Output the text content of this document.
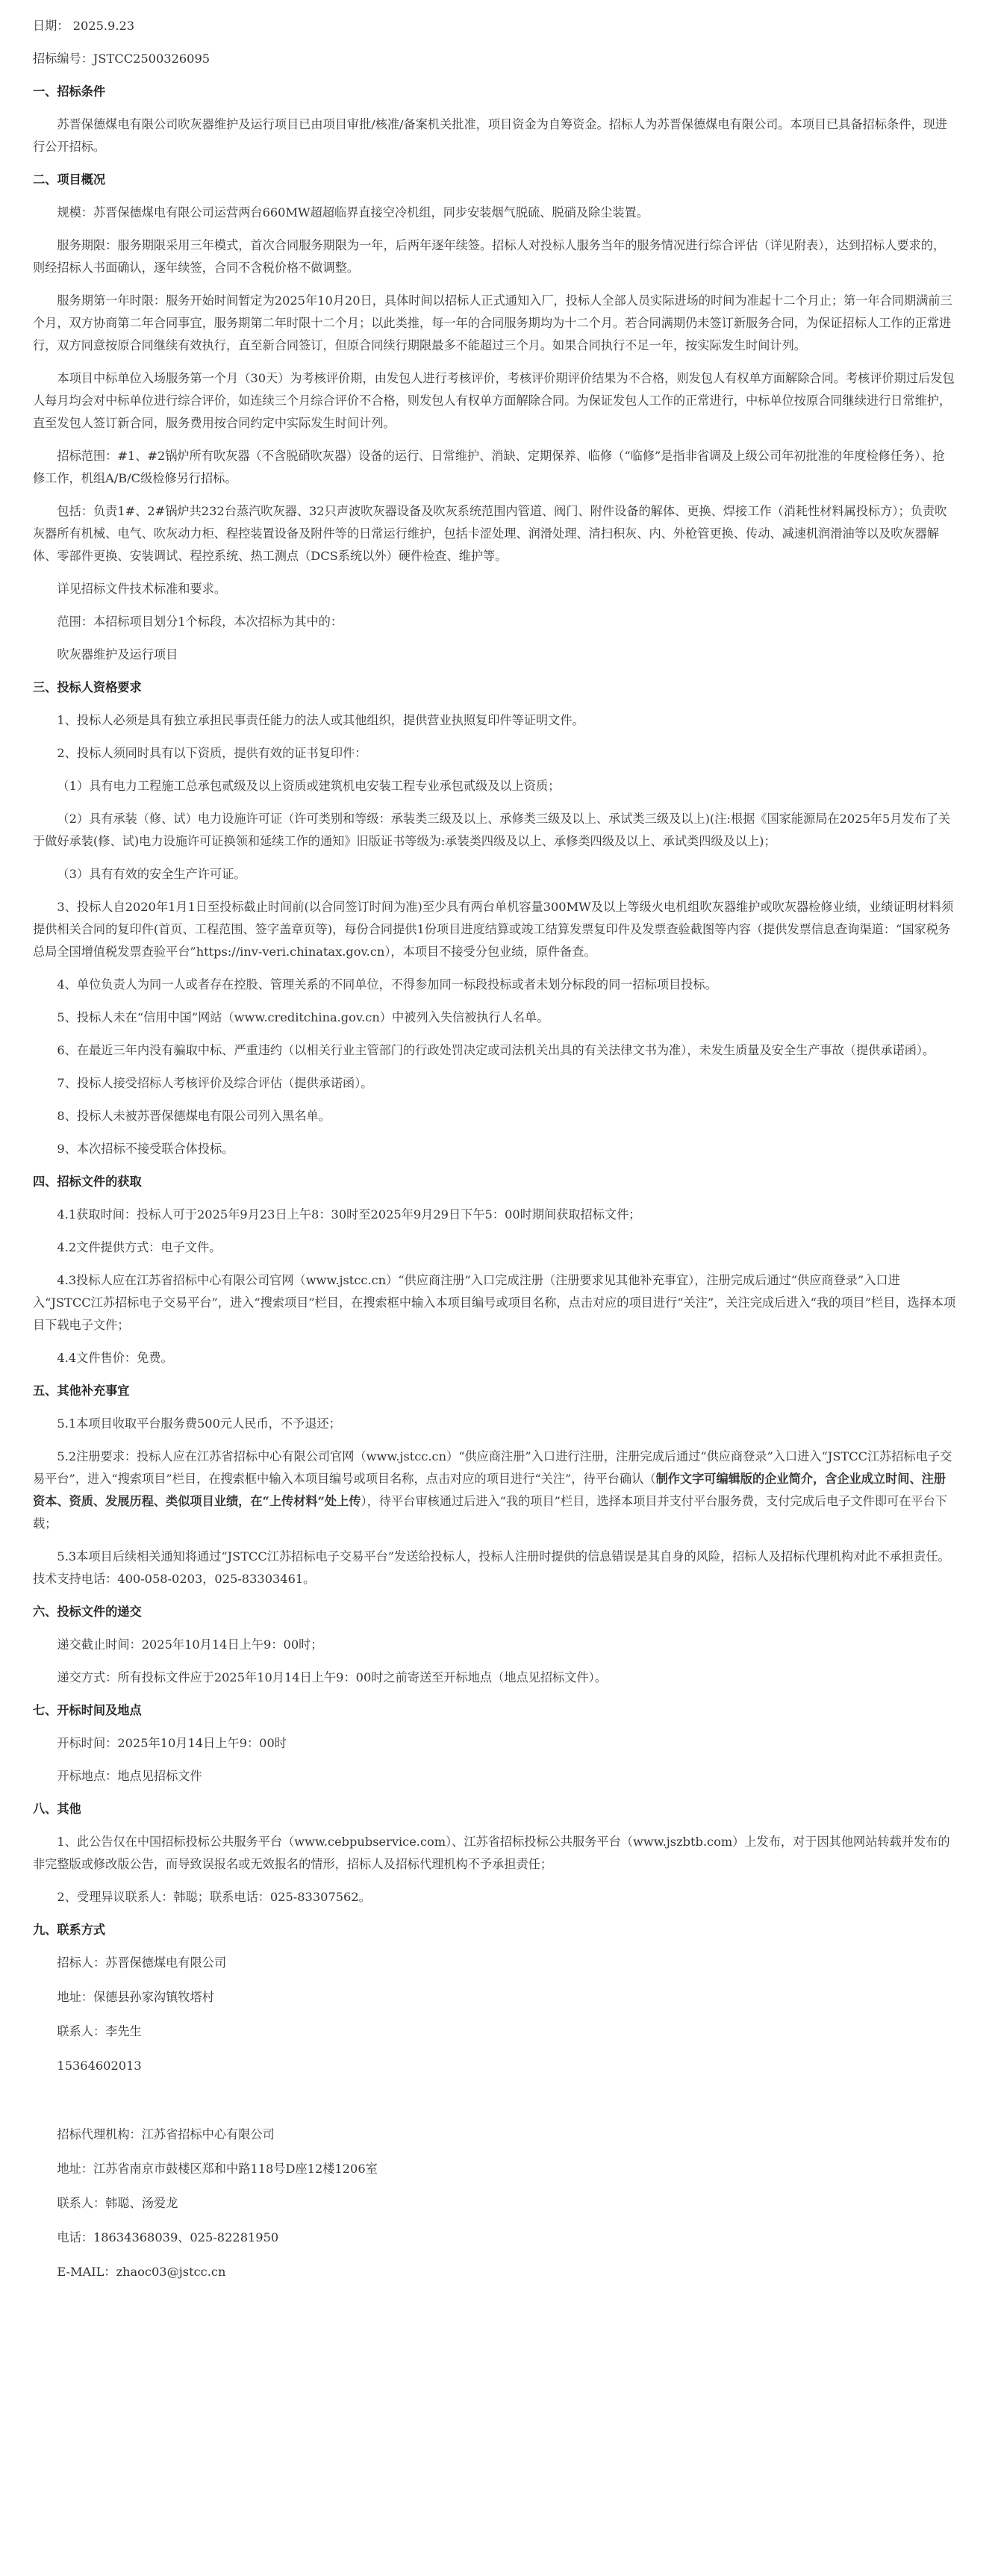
日期： 2025.9.23
招标编号：JSTCC2500326095
一、招标条件

苏晋保德煤电有限公司吹灰器维护及运行项目已由项目审批/核准/备案机关批准，项目资金为自筹资金。招标人为苏晋保德煤电有限公司。本项目已具备招标条件，现进行公开招标。

二、项目概况

规模：苏晋保德煤电有限公司运营两台660MW超超临界直接空冷机组，同步安装烟气脱硫、脱硝及除尘装置。

服务期限：服务期限采用三年模式，首次合同服务期限为一年，后两年逐年续签。招标人对投标人服务当年的服务情况进行综合评估（详见附表），达到招标人要求的，则经招标人书面确认，逐年续签，合同不含税价格不做调整。

服务期第一年时限：服务开始时间暂定为2025年10月20日，具体时间以招标人正式通知入厂，投标人全部人员实际进场的时间为准起十二个月止；第一年合同期满前三个月，双方协商第二年合同事宜，服务期第二年时限十二个月；以此类推，每一年的合同服务期均为十二个月。若合同满期仍未签订新服务合同，为保证招标人工作的正常进行，双方同意按原合同继续有效执行，直至新合同签订，但原合同续行期限最多不能超过三个月。如果合同执行不足一年，按实际发生时间计列。

本项目中标单位入场服务第一个月（30天）为考核评价期，由发包人进行考核评价，考核评价期评价结果为不合格，则发包人有权单方面解除合同。考核评价期过后发包人每月均会对中标单位进行综合评价，如连续三个月综合评价不合格，则发包人有权单方面解除合同。为保证发包人工作的正常进行，中标单位按原合同继续进行日常维护，直至发包人签订新合同，服务费用按合同约定中实际发生时间计列。

招标范围：#1、#2锅炉所有吹灰器（不含脱硝吹灰器）设备的运行、日常维护、消缺、定期保养、临修（“临修”是指非省调及上级公司年初批准的年度检修任务）、抢修工作，机组A/B/C级检修另行招标。

包括：负责1#、2#锅炉共232台蒸汽吹灰器、32只声波吹灰器设备及吹灰系统范围内管道、阀门、附件设备的解体、更换、焊接工作（消耗性材料属投标方）；负责吹灰器所有机械、电气、吹灰动力柜、程控装置设备及附件等的日常运行维护，包括卡涩处理、润滑处理、清扫积灰、内、外枪管更换、传动、减速机润滑油等以及吹灰器解体、零部件更换、安装调试、程控系统、热工测点（DCS系统以外）硬件检查、维护等。

详见招标文件技术标准和要求。

范围：本招标项目划分1个标段，本次招标为其中的：

吹灰器维护及运行项目

三、投标人资格要求

1、投标人必须是具有独立承担民事责任能力的法人或其他组织，提供营业执照复印件等证明文件。

2、投标人须同时具有以下资质，提供有效的证书复印件：

（1）具有电力工程施工总承包贰级及以上资质或建筑机电安装工程专业承包贰级及以上资质；

（2）具有承装（修、试）电力设施许可证（许可类别和等级：承装类三级及以上、承修类三级及以上、承试类三级及以上)(注:根据《国家能源局在2025年5月发布了关于做好承装(修、试)电力设施许可证换领和延续工作的通知》旧版证书等级为:承装类四级及以上、承修类四级及以上、承试类四级及以上)；

（3）具有有效的安全生产许可证。

3、投标人自2020年1月1日至投标截止时间前(以合同签订时间为准)至少具有两台单机容量300MW及以上等级火电机组吹灰器维护或吹灰器检修业绩，业绩证明材料须提供相关合同的复印件(首页、工程范围、签字盖章页等)，每份合同提供1份项目进度结算或竣工结算发票复印件及发票查验截图等内容（提供发票信息查询渠道：“国家税务总局全国增值税发票查验平台”https://inv-veri.chinatax.gov.cn），本项目不接受分包业绩，原件备查。

4、单位负责人为同一人或者存在控股、管理关系的不同单位，不得参加同一标段投标或者未划分标段的同一招标项目投标。

5、投标人未在“信用中国”网站（www.creditchina.gov.cn）中被列入失信被执行人名单。

6、在最近三年内没有骗取中标、严重违约（以相关行业主管部门的行政处罚决定或司法机关出具的有关法律文书为准），未发生质量及安全生产事故（提供承诺函）。

7、投标人接受招标人考核评价及综合评估（提供承诺函）。

8、投标人未被苏晋保德煤电有限公司列入黑名单。

9、本次招标不接受联合体投标。

四、招标文件的获取

4.1获取时间：投标人可于2025年9月23日上午8：30时至2025年9月29日下午5：00时期间获取招标文件；

4.2文件提供方式：电子文件。

4.3投标人应在江苏省招标中心有限公司官网（www.jstcc.cn）“供应商注册”入口完成注册（注册要求见其他补充事宜），注册完成后通过“供应商登录”入口进入“JSTCC江苏招标电子交易平台”，进入“搜索项目”栏目，在搜索框中输入本项目编号或项目名称，点击对应的项目进行“关注”，关注完成后进入“我的项目”栏目，选择本项目下载电子文件；

4.4文件售价：免费。

五、其他补充事宜

5.1本项目收取平台服务费500元人民币，不予退还；

5.2注册要求：投标人应在江苏省招标中心有限公司官网（www.jstcc.cn）“供应商注册”入口进行注册，注册完成后通过“供应商登录”入口进入“JSTCC江苏招标电子交易平台”，进入“搜索项目”栏目，在搜索框中输入本项目编号或项目名称，点击对应的项目进行“关注”，待平台确认（制作文字可编辑版的企业简介，含企业成立时间、注册资本、资质、发展历程、类似项目业绩，在“上传材料”处上传），待平台审核通过后进入“我的项目”栏目，选择本项目并支付平台服务费，支付完成后电子文件即可在平台下载；

5.3本项目后续相关通知将通过“JSTCC江苏招标电子交易平台”发送给投标人，投标人注册时提供的信息错误是其自身的风险，招标人及招标代理机构对此不承担责任。技术支持电话：400-058-0203，025-83303461。

六、投标文件的递交

递交截止时间：2025年10月14日上午9：00时；

递交方式：所有投标文件应于2025年10月14日上午9：00时之前寄送至开标地点（地点见招标文件）。

七、开标时间及地点

开标时间：2025年10月14日上午9：00时

开标地点：地点见招标文件

八、其他

1、此公告仅在中国招标投标公共服务平台（www.cebpubservice.com）、江苏省招标投标公共服务平台（www.jszbtb.com）上发布，对于因其他网站转载并发布的非完整版或修改版公告，而导致误报名或无效报名的情形，招标人及招标代理机构不予承担责任；

2、受理异议联系人：韩聪；联系电话：025-83307562。

九、联系方式

招标人：苏晋保德煤电有限公司

地址：保德县孙家沟镇牧塔村

联系人：李先生

15364602013

招标代理机构：江苏省招标中心有限公司

地址：江苏省南京市鼓楼区郑和中路118号D座12楼1206室

联系人：韩聪、汤爱龙

电话：18634368039、025-82281950

E-MAIL：zhaoc03@jstcc.cn
